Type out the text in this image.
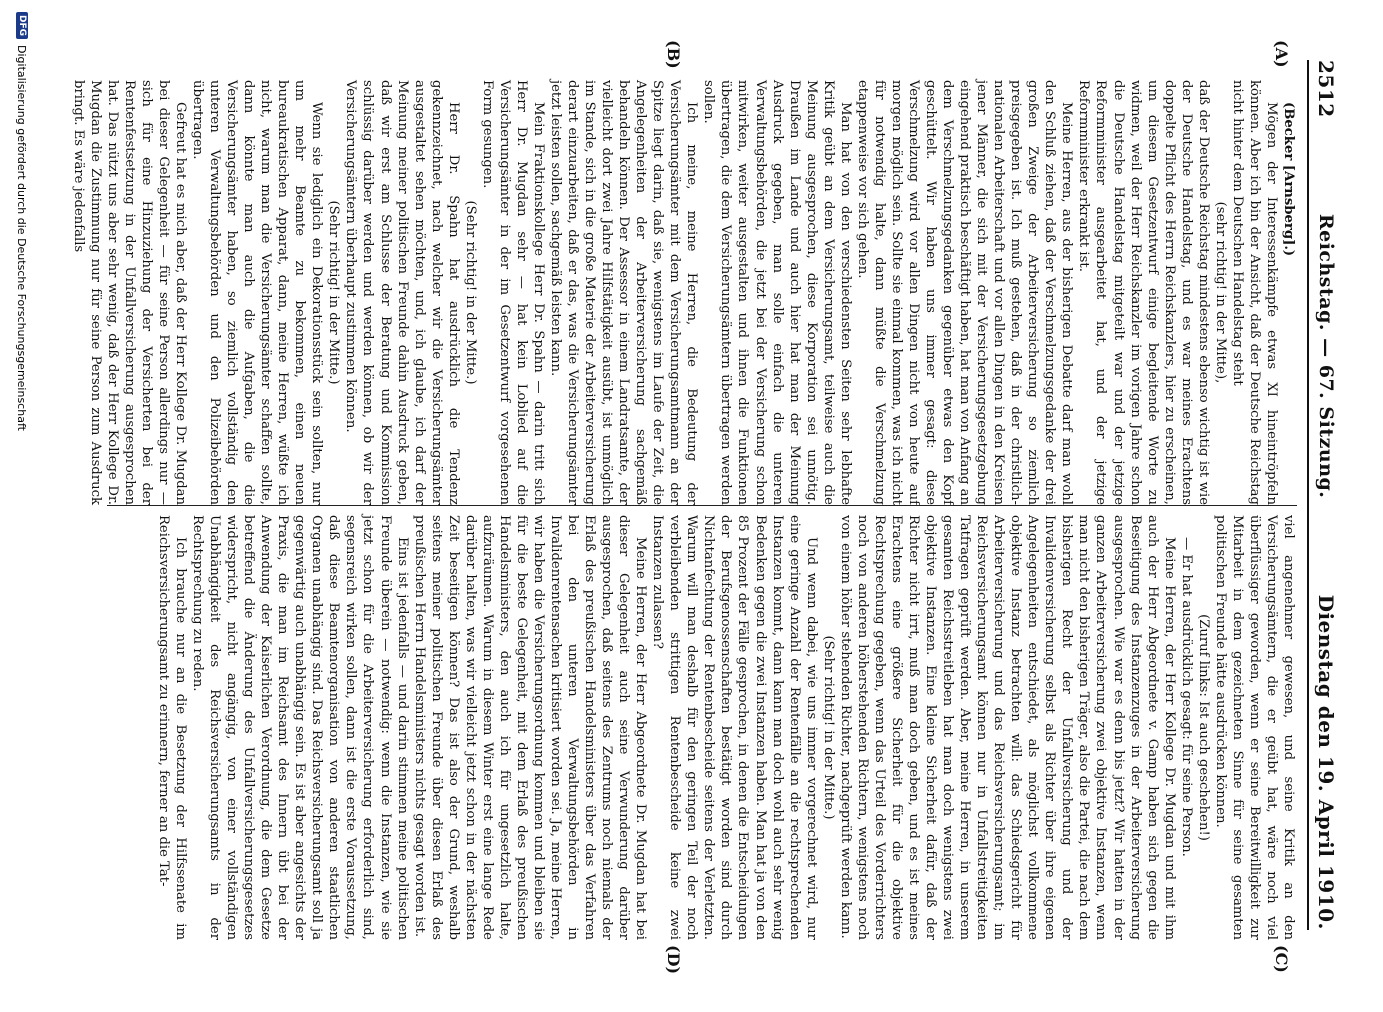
2512
Reichstag. — 67. Sitzung.
Dienstag den 19. April 1910.
(A)
(B)
(C)
(D)

(Becker [Arnsberg].)

Mögen der Interessenkämpfe etwas XI hineintröpfeln können. Aber ich bin der Ansicht, daß der Deutsche Reichstag nicht hinter dem Deutschen Handelstag steht

(sehr richtig! in der Mitte),

daß der Deutsche Reichstag mindestens ebenso wichtig ist wie der Deutsche Handelstag, und es war meines Erachtens doppelte Pflicht des Herrn Reichskanzlers, hier zu erscheinen, um diesem Gesetzentwurf einige begleitende Worte zu widmen, weil der Herr Reichskanzler im vorigen Jahre schon die Deutsche Handelstag mitgeteilt war und der jetzige Reformminister ausgearbeitet hat, und der jetzige Reformminister erkrankt ist.

Meine Herren, aus der bisherigen Debatte darf man wohl den Schluß ziehen, daß der Verschmelzungsgedanke der drei großen Zweige der Arbeiterversicherung so ziemlich preisgegeben ist. Ich muß gestehen, daß in der christlich-nationalen Arbeiterschaft und vor allen Dingen in den Kreisen jener Männer, die sich mit der Versicherungsgesetzgebung eingehend praktisch beschäftigt haben, hat man von Anfang an dem Verschmelzungsgedanken gegenüber etwas den Kopf geschüttelt. Wir haben uns immer gesagt: diese Verschmelzung wird vor allen Dingen nicht von heute auf morgen möglich sein. Sollte sie einmal kommen, was ich nicht für notwendig halte, dann müßte die Verschmelzung etappenweise vor sich gehen.

Man hat von den verschiedensten Seiten sehr lebhafte Kritik geübt an dem Versicherungsamt, teilweise auch die Meinung ausgesprochen, diese Korporation sei unnötig. Draußen im Lande und auch hier hat man der Meinung Ausdruck gegeben, man solle einfach die unteren Verwaltungsbehörden, die jetzt bei der Versicherung schon mitwirken, weiter ausgestalten und ihnen die Funktionen übertragen, die dem Versicherungsämtern übertragen werden sollen.

Ich meine, meine Herren, die Bedeutung der Versicherungsämter mit dem Versicherungsamtmann an der Spitze liegt darin, daß sie, wenigstens im Laufe der Zeit, die Angelegenheiten der Arbeiterversicherung sachgemäß behandeln können. Der Assessor in einem Landratsamte, der vielleicht dort zwei Jahre Hilfstätigkeit ausübt, ist unmöglich im Stande, sich in die große Materie der Arbeiterversicherung derart einzuarbeiten, daß er das, was die Versicherungsämter jetzt leisten sollen, sachgemäß leisten kann.

Mein Fraktionskollege Herr Dr. Spahn — darin tritt sich Herr Dr. Mugdan sehr — hat kein Loblied auf die Versicherungsämter in der im Gesetzentwurf vorgesehenen Form gesungen.

(Sehr richtig! in der Mitte.)

Herr Dr. Spahn hat ausdrücklich die Tendenz gekennzeichnet, nach welcher wir die Versicherungsämter ausgestaltet sehen möchten, und, ich glaube, ich darf der Meinung meiner politischen Freunde dahin Ausdruck geben, daß wir erst am Schlusse der Beratung und Kommission schlüssig darüber werden und werden können, ob wir der Versicherungsämtern überhaupt zustimmen können.

(Sehr richtig! in der Mitte.)

Wenn sie lediglich ein Dekorationsstück sein sollten, nur um mehr Beamte zu bekommen, einen neuen bureaukratischen Apparat, dann, meine Herren, wüßte ich nicht, warum man die Versicherungsämter schaffen sollte, dann könnte man auch die Aufgaben, die die Versicherungsämter haben, so ziemlich vollständig den unteren Verwaltungsbehörden und den Polizeibehörden übertragen.

Gefreut hat es mich aber, daß der Herr Kollege Dr. Mugdan bei dieser Gelegenheit — für seine Person allerdings nur — sich für eine Hinzuziehung der Versicherten bei der Rentenfestsetzung in der Unfallversicherung ausgesprochen hat. Das nützt uns aber sehr wenig, daß der Herr Kollege Dr. Mugdan die Zustimmung nur für seine Person zum Ausdruck bringt. Es wäre jedenfalls

viel angenehmer gewesen, und seine Kritik an den Versicherungsämtern, die er geübt hat, wäre noch viel überflüssiger geworden, wenn er seine Bereitwilligkeit zur Mitarbeit in dem gezeichneten Sinne für seine gesamten politischen Freunde hätte ausdrücken können.

(Zuruf links: Ist auch geschehen!)

— Er hat ausdrücklich gesagt: für seine Person.

Meine Herren, der Herr Kollege Dr. Mugdan und mit ihm auch der Herr Abgeordnete v. Gamp haben sich gegen die Beseitigung des Instanzenzuges in der Arbeiterversicherung ausgesprochen. Wie war es denn bis jetzt? Wir hatten in der ganzen Arbeiterversicherung zwei objektive Instanzen, wenn man nicht den bisherigen Träger, also die Partei, die nach dem bisherigen Recht der Unfallversicherung und der Invalidenversicherung selbst als Richter über ihre eigenen Angelegenheiten entschiedet, als möglichst vollkommene objektive Instanz betrachten will: das Schiedsgericht für Arbeiterversicherung und das Reichsversicherungsamt; im Reichsversicherungsamt können nur in Unfallstreitigkeiten Tatfragen geprüft werden. Aber, meine Herren, in unserem gesamten Reichsstreitleben hat man doch wenigstens zwei objektive Instanzen. Eine kleine Sicherheit dafür, daß der Richter nicht irrt, muß man doch geben, und es ist meines Erachtens eine größere Sicherheit für die objektive Rechtsprechung gegeben, wenn das Urteil des Vorderrichters noch von anderen höherstehenden Richtern, wenigstens noch von einem höher stehenden Richter, nachgeprüft werden kann.

(Sehr richtig! in der Mitte.)

Und wenn dabei, wie uns immer vorgerechnet wird, nur eine geringe Anzahl der Rentenfälle an die rechtsprechenden Instanzen kommt, dann kann man doch wohl auch sehr wenig Bedenken gegen die zwei Instanzen haben. Man hat ja von den 85 Prozent der Fälle gesprochen, in denen die Entscheidungen der Berufsgenossenschaften bestätigt worden sind durch Nichtanfechtung der Rentenbescheide seitens der Verletzten. Warum will man deshalb für den geringen Teil der noch verbleibenden strittigen Rentenbescheide keine zwei Instanzen zulassen?

Meine Herren, der Herr Abgeordnete Dr. Mugdan hat bei dieser Gelegenheit auch seine Verwunderung darüber ausgesprochen, daß seitens des Zentrums noch niemals der Erlaß des preußischen Handelsministers über das Verfahren bei den unteren Verwaltungsbehörden in Invalidenrentensachen kritisiert worden sei. Ja, meine Herren, wir haben die Versicherungsordnung kommen und bleiben sie für die beste Gelegenheit, mit dem Erlaß des preußischen Handelsministers, den auch ich für ungesetzlich halte, aufzuräumen. Warum in diesem Winter erst eine lange Rede darüber halten, was wir vielleicht jetzt schon in der nächsten Zeit beseitigen können? Das ist also der Grund, weshalb seitens meiner politischen Freunde über diesen Erlaß des preußischen Herrn Handelsministers nichts gesagt worden ist.

Eins ist jedenfalls — und darin stimmen meine politischen Freunde überein — notwendig: wenn die Instanzen, wie sie jetzt schon für die Arbeiterversicherung erforderlich sind, segensreich wirken sollen, dann ist die erste Voraussetzung, daß diese Beamtenorganisation von anderen staatlichen Organen unabhängig sind. Das Reichsversicherungsamt soll ja gegenwärtig auch unabhängig sein. Es ist aber angesichts der Praxis, die man im Reichsamt des Innern übt bei der Anwendung der Kaiserlichen Verordnung, die dem Gesetze betreffend die Änderung des Unfallversicherungsgesetzes widerspricht, nicht angängig, von einer vollständigen Unabhängigkeit des Reichsversicherungsamts in der Rechtsprechung zu reden.

Ich brauche nur an die Besetzung der Hilfssenate im Reichsversicherungsamt zu erinnern, ferner an die Tat-

DFG
Digitalisierung gefördert durch die Deutsche Forschungsgemeinschaft
